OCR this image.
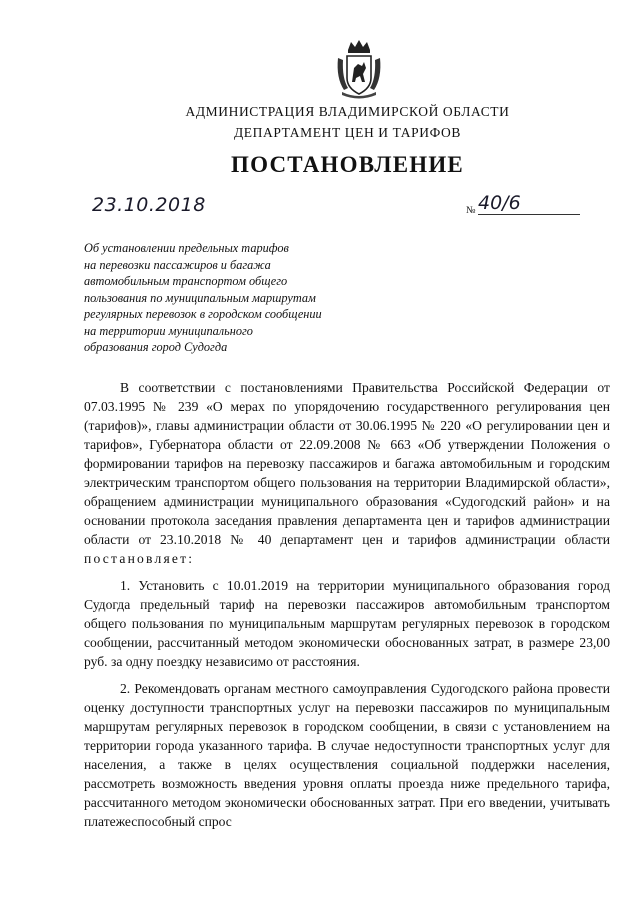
АДМИНИСТРАЦИЯ ВЛАДИМИРСКОЙ ОБЛАСТИ
ДЕПАРТАМЕНТ ЦЕН И ТАРИФОВ
ПОСТАНОВЛЕНИЕ
23.10.2018	№ 40/6
Об установлении предельных тарифов
на перевозки пассажиров и багажа
автомобильным транспортом общего
пользования по муниципальным маршрутам
регулярных перевозок в городском сообщении
на территории муниципального
образования город Судогда

В соответствии с постановлениями Правительства Российской Федерации от 07.03.1995 № 239 «О мерах по упорядочению государственного регулирования цен (тарифов)», главы администрации области от 30.06.1995 № 220 «О регулировании цен и тарифов», Губернатора области от 22.09.2008 № 663 «Об утверждении Положения о формировании тарифов на перевозку пассажиров и багажа автомобильным и городским электрическим транспортом общего пользования на территории Владимирской области», обращением администрации муниципального образования «Судогодский район» и на основании протокола заседания правления департамента цен и тарифов администрации области от 23.10.2018 № 40 департамент цен и тарифов администрации области постановляет:

1. Установить с 10.01.2019 на территории муниципального образования город Судогда предельный тариф на перевозки пассажиров автомобильным транспортом общего пользования по муниципальным маршрутам регулярных перевозок в городском сообщении, рассчитанный методом экономически обоснованных затрат, в размере 23,00 руб. за одну поездку независимо от расстояния.

2. Рекомендовать органам местного самоуправления Судогодского района провести оценку доступности транспортных услуг на перевозки пассажиров по муниципальным маршрутам регулярных перевозок в городском сообщении, в связи с установлением на территории города указанного тарифа. В случае недоступности транспортных услуг для населения, а также в целях осуществления социальной поддержки населения, рассмотреть возможность введения уровня оплаты проезда ниже предельного тарифа, рассчитанного методом экономически обоснованных затрат. При его введении, учитывать платежеспособный спрос
